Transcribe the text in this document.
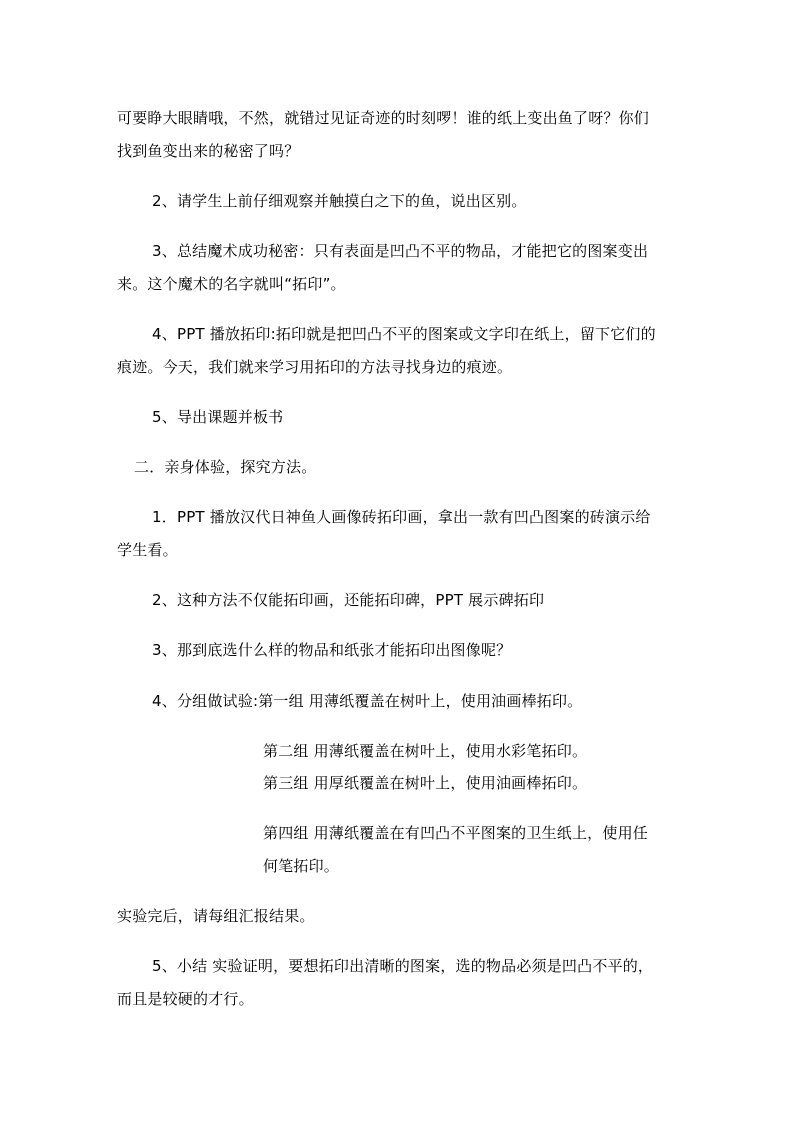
可要睁大眼睛哦，不然，就错过见证奇迹的时刻啰！谁的纸上变出鱼了呀？你们
找到鱼变出来的秘密了吗？
2、请学生上前仔细观察并触摸白之下的鱼，说出区别。
3、总结魔术成功秘密：只有表面是凹凸不平的物品，才能把它的图案变出
来。这个魔术的名字就叫“拓印”。
4、PPT 播放拓印:拓印就是把凹凸不平的图案或文字印在纸上，留下它们的
痕迹。今天，我们就来学习用拓印的方法寻找身边的痕迹。
5、导出课题并板书
二．亲身体验，探究方法。
1．PPT 播放汉代日神鱼人画像砖拓印画，拿出一款有凹凸图案的砖演示给
学生看。
2、这种方法不仅能拓印画，还能拓印碑，PPT 展示碑拓印
3、那到底选什么样的物品和纸张才能拓印出图像呢？
4、分组做试验:第一组 用薄纸覆盖在树叶上，使用油画棒拓印。
第二组 用薄纸覆盖在树叶上，使用水彩笔拓印。
第三组 用厚纸覆盖在树叶上，使用油画棒拓印。
第四组 用薄纸覆盖在有凹凸不平图案的卫生纸上，使用任
何笔拓印。
实验完后，请每组汇报结果。
5、小结 实验证明，要想拓印出清晰的图案，选的物品必须是凹凸不平的，
而且是较硬的才行。
